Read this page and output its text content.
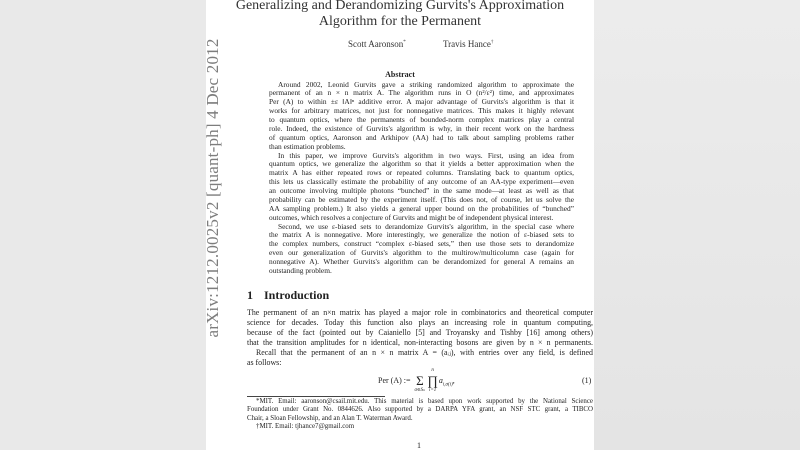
arXiv:1212.0025v2 [quant-ph] 4 Dec 2012
Generalizing and Derandomizing Gurvits's Approximation
Algorithm for the Permanent
Scott Aaronson*	Travis Hance†
Abstract
Around 2002, Leonid Gurvits gave a striking randomized algorithm to approximate the
permanent of an n × n matrix A. The algorithm runs in O (n²/ε²) time, and approximates
Per (A) to within ±ε ‖A‖ⁿ additive error. A major advantage of Gurvits's algorithm is that it
works for arbitrary matrices, not just for nonnegative matrices. This makes it highly relevant
to quantum optics, where the permanents of bounded-norm complex matrices play a central
role. Indeed, the existence of Gurvits's algorithm is why, in their recent work on the hardness
of quantum optics, Aaronson and Arkhipov (AA) had to talk about sampling problems rather
than estimation problems.
In this paper, we improve Gurvits's algorithm in two ways. First, using an idea from
quantum optics, we generalize the algorithm so that it yields a better approximation when the
matrix A has either repeated rows or repeated columns. Translating back to quantum optics,
this lets us classically estimate the probability of any outcome of an AA-type experiment—even
an outcome involving multiple photons “bunched” in the same mode—at least as well as that
probability can be estimated by the experiment itself. (This does not, of course, let us solve the
AA sampling problem.) It also yields a general upper bound on the probabilities of “bunched”
outcomes, which resolves a conjecture of Gurvits and might be of independent physical interest.
Second, we use ε-biased sets to derandomize Gurvits's algorithm, in the special case where
the matrix A is nonnegative. More interestingly, we generalize the notion of ε-biased sets to
the complex numbers, construct “complex ε-biased sets,” then use those sets to derandomize
even our generalization of Gurvits's algorithm to the multirow/multicolumn case (again for
nonnegative A). Whether Gurvits's algorithm can be derandomized for general A remains an
outstanding problem.
1 Introduction
The permanent of an n×n matrix has played a major role in combinatorics and theoretical computer
science for decades. Today this function also plays an increasing role in quantum computing,
because of the fact (pointed out by Caianiello [5] and Troyansky and Tishby [16] among others)
that the transition amplitudes for n identical, non-interacting bosons are given by n × n permanents.
Recall that the permanent of an n × n matrix A = (aᵢⱼ), with entries over any field, is defined
as follows:
Per (A) := Σ
σ∈Sₙ
n
∏
i=1
$a_{i,\sigma(i)}$,	(1)
*MIT. Email: aaronson@csail.mit.edu. This material is based upon work supported by the National Science
Foundation under Grant No. 0844626. Also supported by a DARPA YFA grant, an NSF STC grant, a TIBCO
Chair, a Sloan Fellowship, and an Alan T. Waterman Award.
†MIT. Email: tjhance7@gmail.com
1
